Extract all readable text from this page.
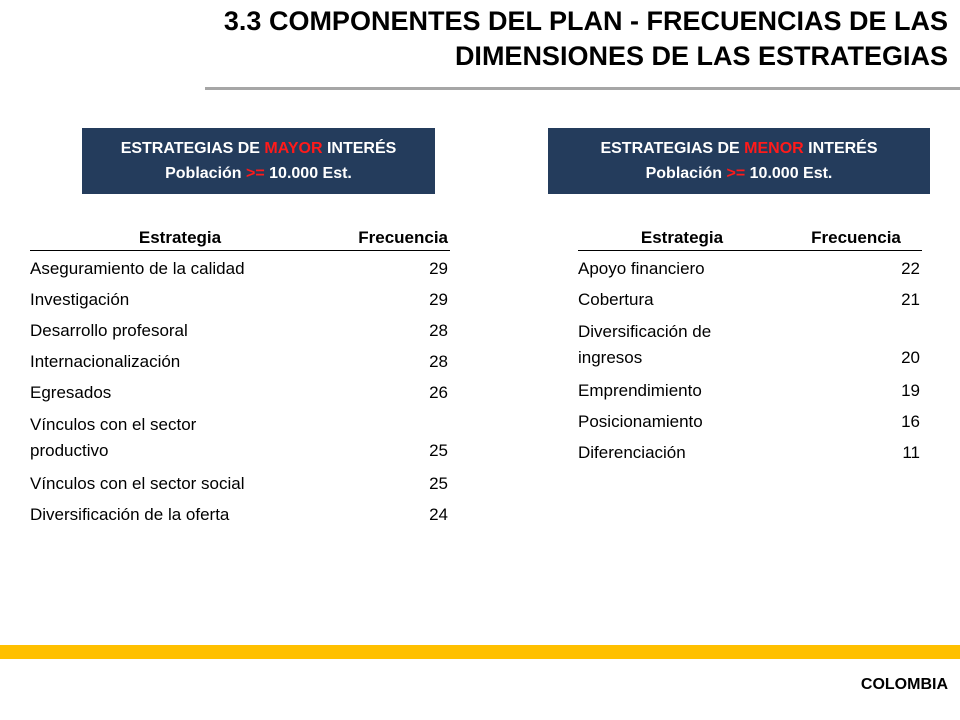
3.3 COMPONENTES DEL PLAN - FRECUENCIAS DE LAS
DIMENSIONES DE LAS ESTRATEGIAS
ESTRATEGIAS DE MAYOR INTERÉS
Población >= 10.000 Est.
ESTRATEGIAS DE MENOR INTERÉS
Población >= 10.000 Est.
Estrategia	Frecuencia
Aseguramiento de la calidad	29
Investigación	29
Desarrollo profesoral	28
Internacionalización	28
Egresados	26
Vínculos con el sector
productivo	25
Vínculos con el sector social	25
Diversificación de la oferta	24
Estrategia	Frecuencia
Apoyo financiero	22
Cobertura	21
Diversificación de
ingresos	20
Emprendimiento	19
Posicionamiento	16
Diferenciación	11
COLOMBIA
